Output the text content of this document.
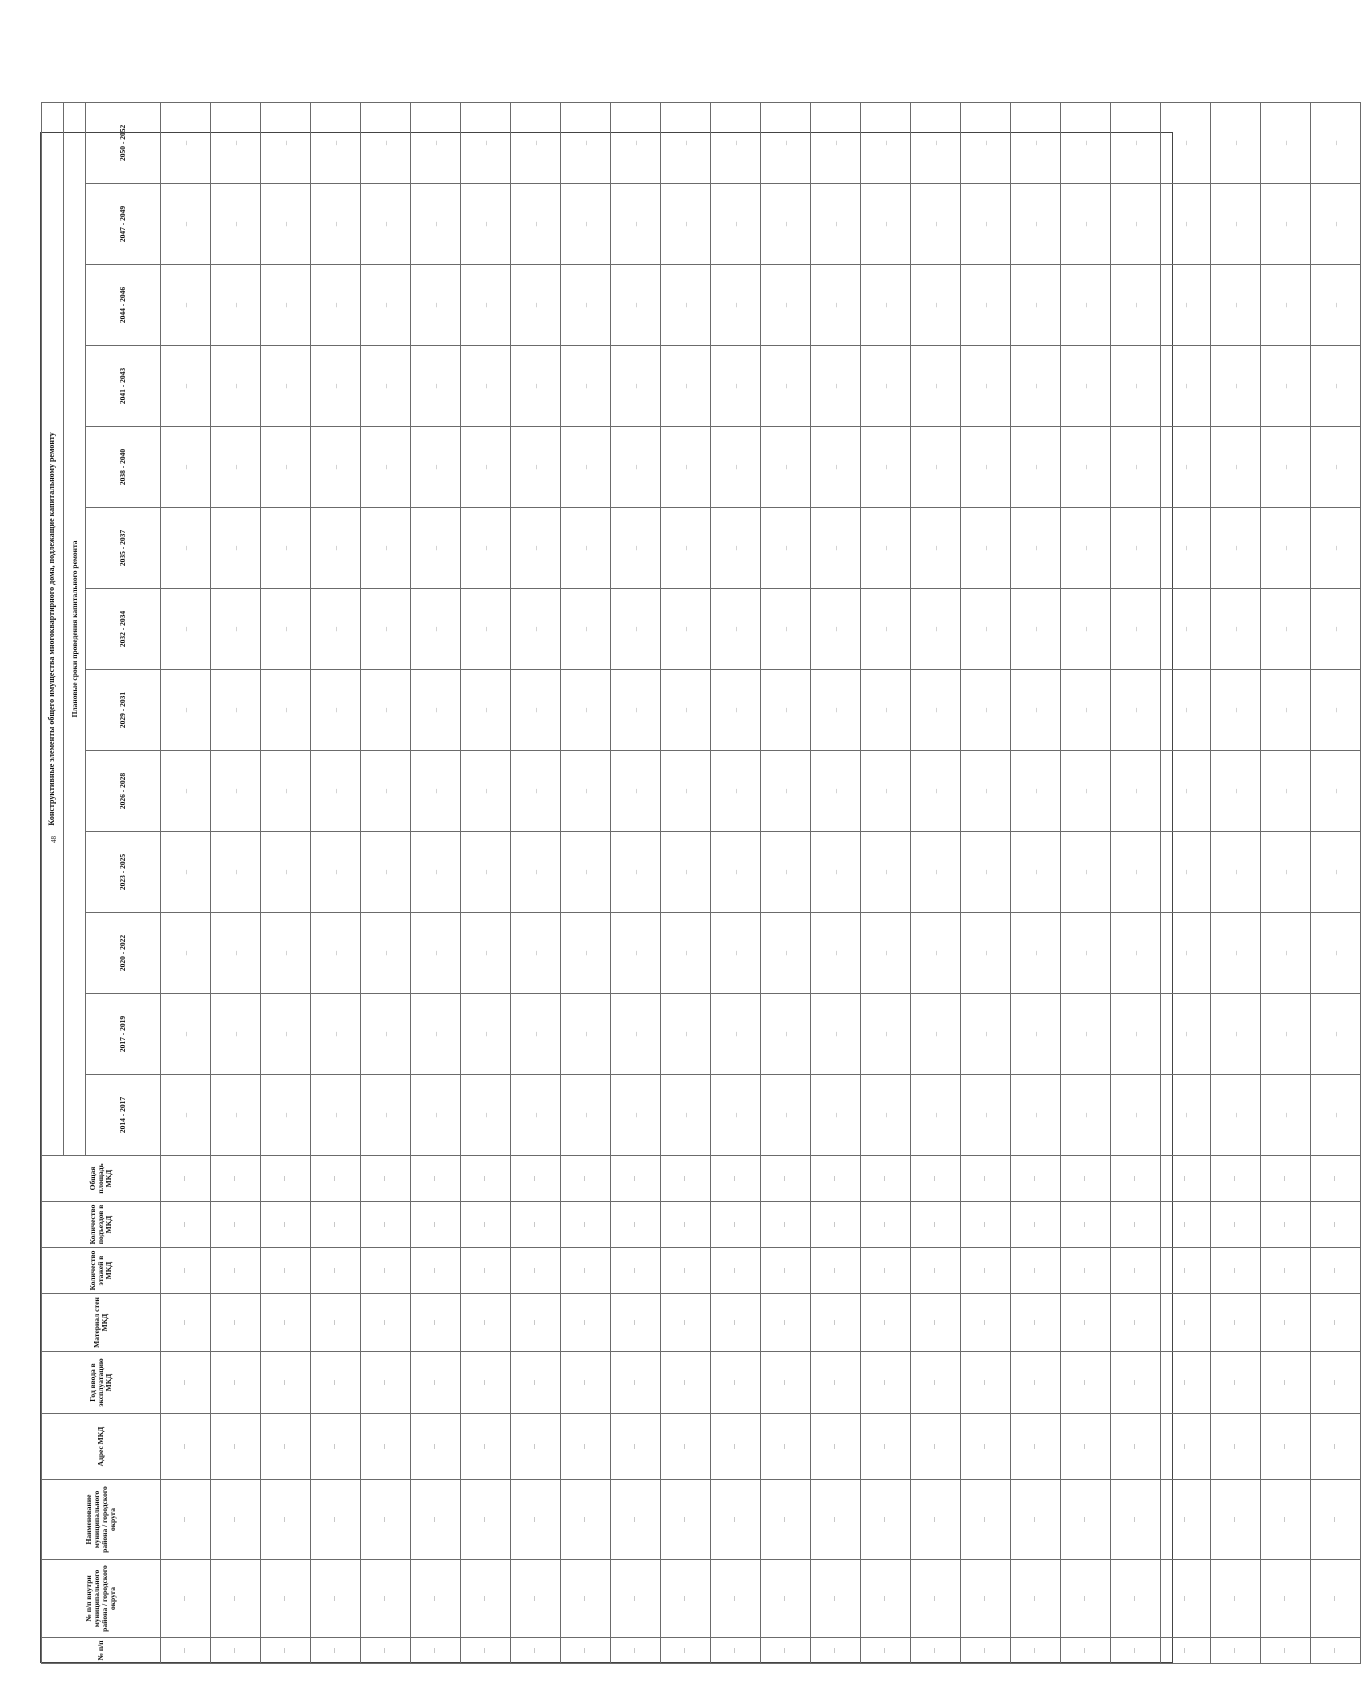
48
№ п/п	№ п/п внутри муниципального района / городского округа	Наименование муниципального района / городского округа	Адрес МКД	Год ввода в эксплуатацию МКД	Материал стен МКД	Количество этажей в МКД	Количество подъездов в МКД	Общая площадь МКД	Конструктивные элементы общего имущества многоквартирного дома, подлежащие капитальному ремонту												
									Плановые сроки проведения капитального ремонта												
									2014 - 2017	2017 - 2019	2020 - 2022	2023 - 2025	2026 - 2028	2029 - 2031	2032 - 2034	2035 - 2037	2038 - 2040	2041 - 2043	2044 - 2046	2047 - 2049	2050 - 2052
—	—	—	—	—	—	—	—	—	—	—	—	—	—	—	—	—	—	—	—	—	—
—	—	—	—	—	—	—	—	—	—	—	—	—	—	—	—	—	—	—	—	—	—
—	—	—	—	—	—	—	—	—	—	—	—	—	—	—	—	—	—	—	—	—	—
—	—	—	—	—	—	—	—	—	—	—	—	—	—	—	—	—	—	—	—	—	—
—	—	—	—	—	—	—	—	—	—	—	—	—	—	—	—	—	—	—	—	—	—
—	—	—	—	—	—	—	—	—	—	—	—	—	—	—	—	—	—	—	—	—	—
—	—	—	—	—	—	—	—	—	—	—	—	—	—	—	—	—	—	—	—	—	—
—	—	—	—	—	—	—	—	—	—	—	—	—	—	—	—	—	—	—	—	—	—
—	—	—	—	—	—	—	—	—	—	—	—	—	—	—	—	—	—	—	—	—	—
—	—	—	—	—	—	—	—	—	—	—	—	—	—	—	—	—	—	—	—	—	—
—	—	—	—	—	—	—	—	—	—	—	—	—	—	—	—	—	—	—	—	—	—
—	—	—	—	—	—	—	—	—	—	—	—	—	—	—	—	—	—	—	—	—	—
—	—	—	—	—	—	—	—	—	—	—	—	—	—	—	—	—	—	—	—	—	—
—	—	—	—	—	—	—	—	—	—	—	—	—	—	—	—	—	—	—	—	—	—
—	—	—	—	—	—	—	—	—	—	—	—	—	—	—	—	—	—	—	—	—	—
—	—	—	—	—	—	—	—	—	—	—	—	—	—	—	—	—	—	—	—	—	—
—	—	—	—	—	—	—	—	—	—	—	—	—	—	—	—	—	—	—	—	—	—
—	—	—	—	—	—	—	—	—	—	—	—	—	—	—	—	—	—	—	—	—	—
—	—	—	—	—	—	—	—	—	—	—	—	—	—	—	—	—	—	—	—	—	—
—	—	—	—	—	—	—	—	—	—	—	—	—	—	—	—	—	—	—	—	—	—
—	—	—	—	—	—	—	—	—	—	—	—	—	—	—	—	—	—	—	—	—	—
—	—	—	—	—	—	—	—	—	—	—	—	—	—	—	—	—	—	—	—	—	—
—	—	—	—	—	—	—	—	—	—	—	—	—	—	—	—	—	—	—	—	—	—
—	—	—	—	—	—	—	—	—	—	—	—	—	—	—	—	—	—	—	—	—	—
